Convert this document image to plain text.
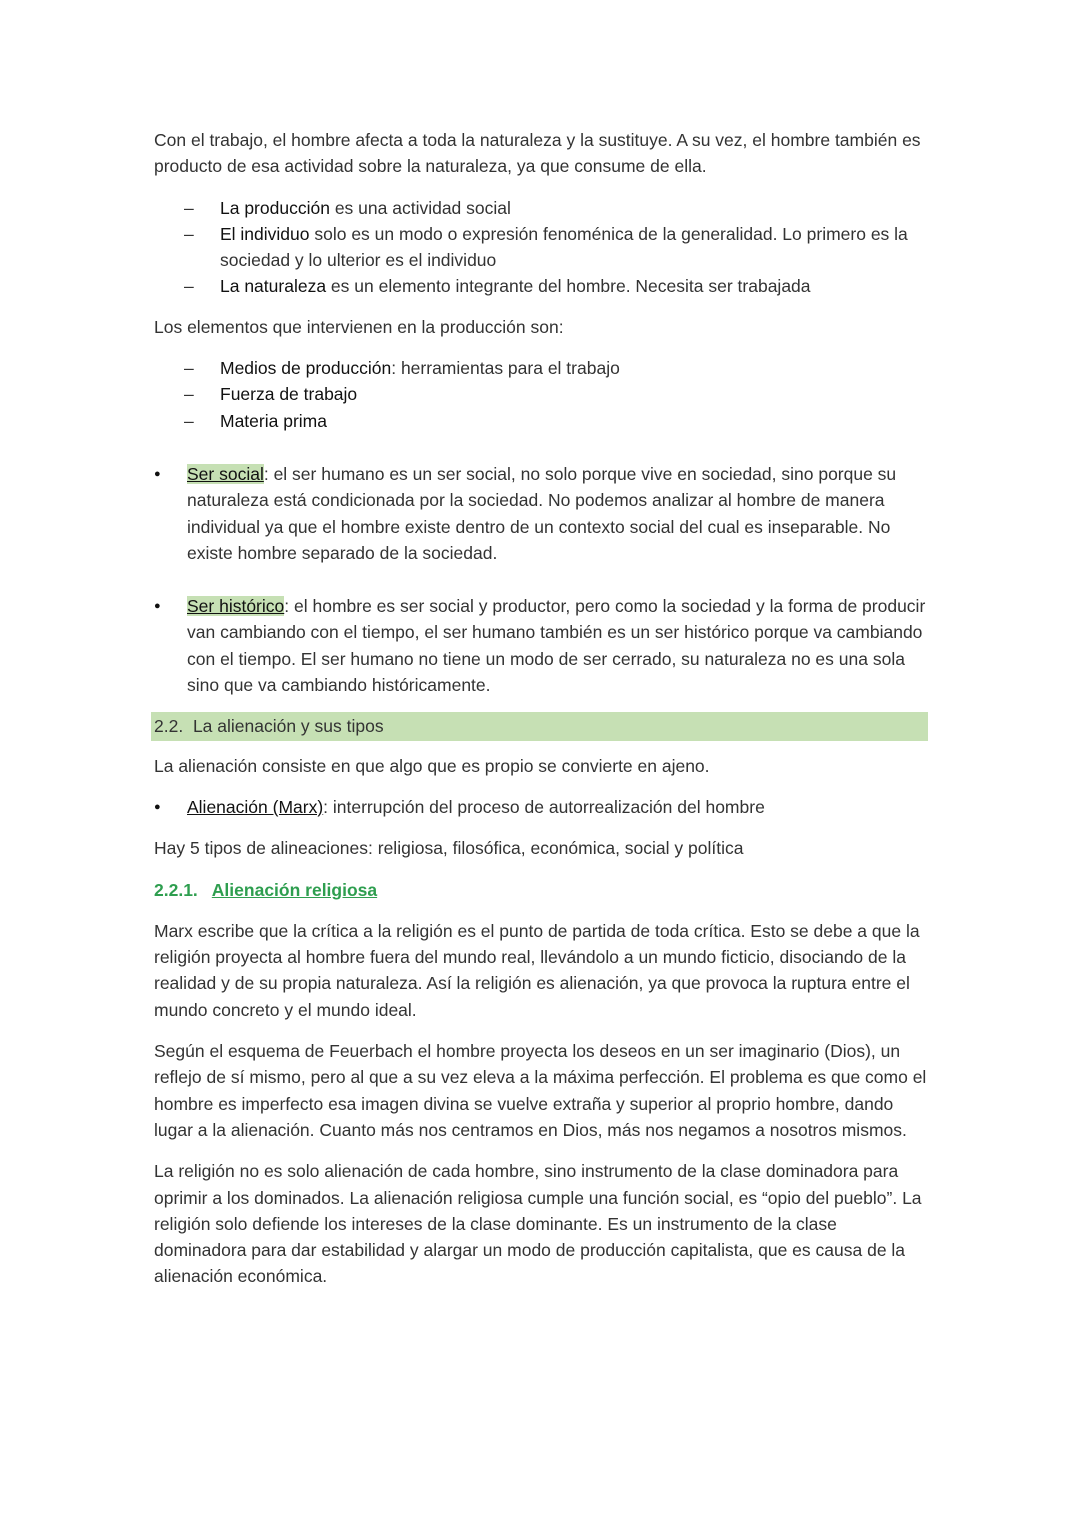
Con el trabajo, el hombre afecta a toda la naturaleza y la sustituye. A su vez, el hombre también es producto de esa actividad sobre la naturaleza, ya que consume de ella.

– La producción es una actividad social
– El individuo solo es un modo o expresión fenoménica de la generalidad. Lo primero es la sociedad y lo ulterior es el individuo
– La naturaleza es un elemento integrante del hombre. Necesita ser trabajada

Los elementos que intervienen en la producción son:

– Medios de producción: herramientas para el trabajo
– Fuerza de trabajo
– Materia prima

● Ser social: el ser humano es un ser social, no solo porque vive en sociedad, sino porque su naturaleza está condicionada por la sociedad. No podemos analizar al hombre de manera individual ya que el hombre existe dentro de un contexto social del cual es inseparable. No existe hombre separado de la sociedad.

● Ser histórico: el hombre es ser social y productor, pero como la sociedad y la forma de producir van cambiando con el tiempo, el ser humano también es un ser histórico porque va cambiando con el tiempo. El ser humano no tiene un modo de ser cerrado, su naturaleza no es una sola sino que va cambiando históricamente.

2.2. La alienación y sus tipos

La alienación consiste en que algo que es propio se convierte en ajeno.

● Alienación (Marx): interrupción del proceso de autorrealización del hombre

Hay 5 tipos de alineaciones: religiosa, filosófica, económica, social y política

2.2.1. Alienación religiosa

Marx escribe que la crítica a la religión es el punto de partida de toda crítica. Esto se debe a que la religión proyecta al hombre fuera del mundo real, llevándolo a un mundo ficticio, disociando de la realidad y de su propia naturaleza. Así la religión es alienación, ya que provoca la ruptura entre el mundo concreto y el mundo ideal.

Según el esquema de Feuerbach el hombre proyecta los deseos en un ser imaginario (Dios), un reflejo de sí mismo, pero al que a su vez eleva a la máxima perfección. El problema es que como el hombre es imperfecto esa imagen divina se vuelve extraña y superior al proprio hombre, dando lugar a la alienación. Cuanto más nos centramos en Dios, más nos negamos a nosotros mismos.

La religión no es solo alienación de cada hombre, sino instrumento de la clase dominadora para oprimir a los dominados. La alienación religiosa cumple una función social, es “opio del pueblo”. La religión solo defiende los intereses de la clase dominante. Es un instrumento de la clase dominadora para dar estabilidad y alargar un modo de producción capitalista, que es causa de la alienación económica.
